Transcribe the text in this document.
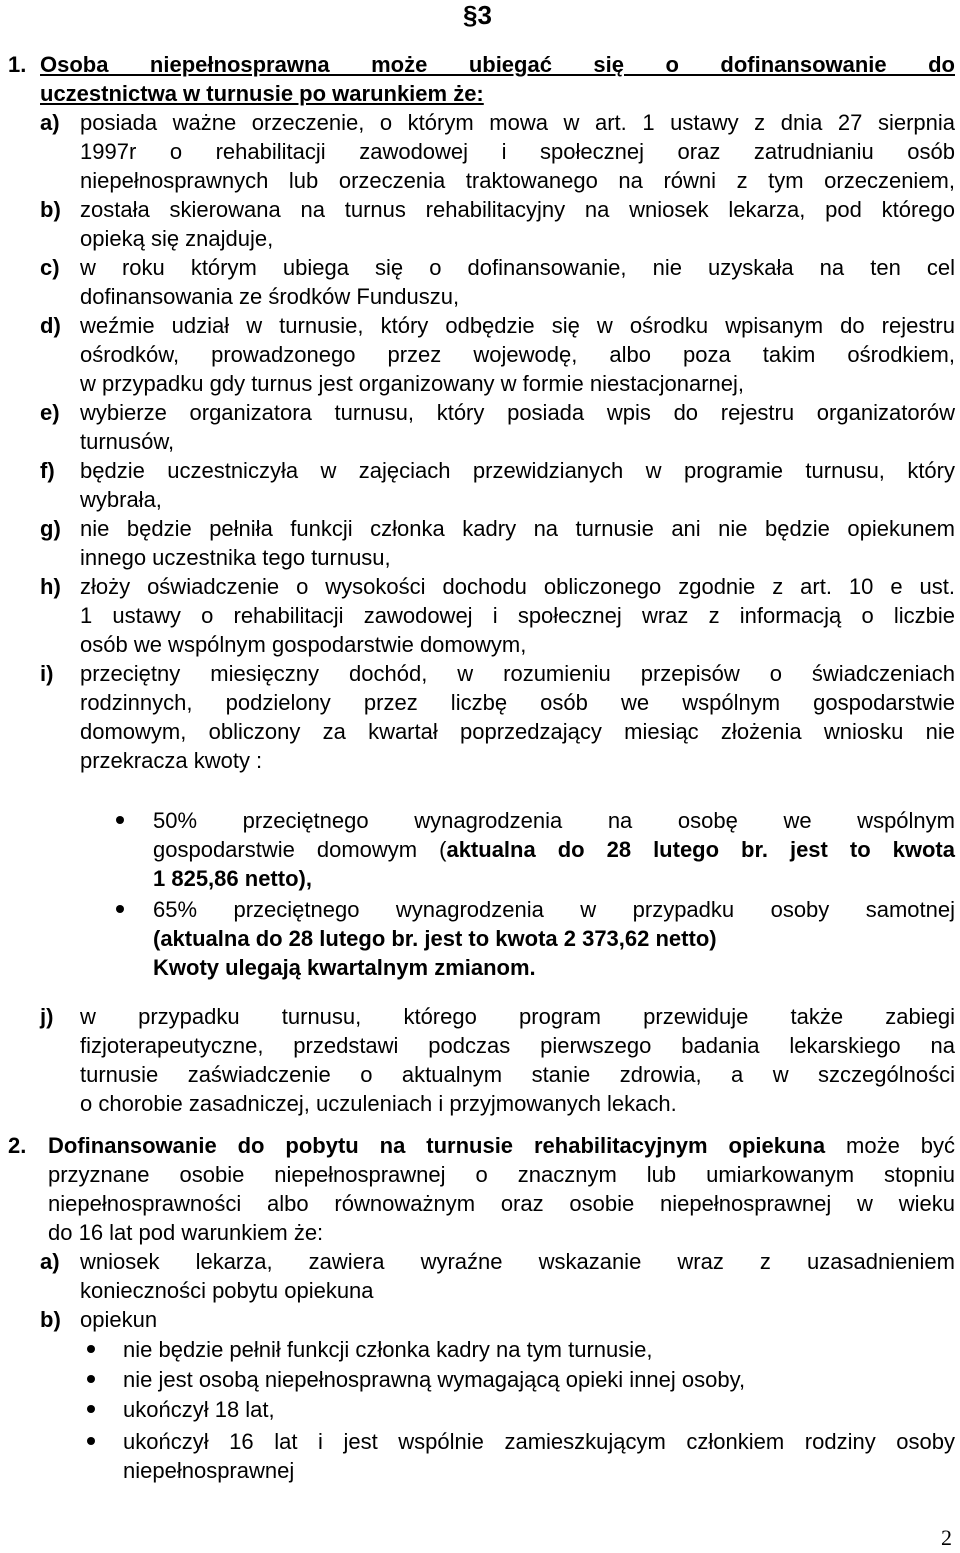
§3
1. Osoba niepełnosprawna może ubiegać się o dofinansowanie do
uczestnictwa w turnusie po warunkiem że:
a) posiada ważne orzeczenie, o którym mowa w art. 1 ustawy z dnia 27 sierpnia
1997r o rehabilitacji zawodowej i społecznej oraz zatrudnianiu osób
niepełnosprawnych lub orzeczenia traktowanego na równi z tym orzeczeniem,
b) została skierowana na turnus rehabilitacyjny na wniosek lekarza, pod którego
opieką się znajduje,
c) w roku którym ubiega się o dofinansowanie, nie uzyskała na ten cel
dofinansowania ze środków Funduszu,
d) weźmie udział w turnusie, który odbędzie się w ośrodku wpisanym do rejestru
ośrodków, prowadzonego przez wojewodę, albo poza takim ośrodkiem,
w przypadku gdy turnus jest organizowany w formie niestacjonarnej,
e) wybierze organizatora turnusu, który posiada wpis do rejestru organizatorów
turnusów,
f) będzie uczestniczyła w zajęciach przewidzianych w programie turnusu, który
wybrała,
g) nie będzie pełniła funkcji członka kadry na turnusie ani nie będzie opiekunem
innego uczestnika tego turnusu,
h) złoży oświadczenie o wysokości dochodu obliczonego zgodnie z art. 10 e ust.
1 ustawy o rehabilitacji zawodowej i społecznej wraz z informacją o liczbie
osób we wspólnym gospodarstwie domowym,
i) przeciętny miesięczny dochód, w rozumieniu przepisów o świadczeniach
rodzinnych, podzielony przez liczbę osób we wspólnym gospodarstwie
domowym, obliczony za kwartał poprzedzający miesiąc złożenia wniosku nie
przekracza kwoty :
50% przeciętnego wynagrodzenia na osobę we wspólnym
gospodarstwie domowym (aktualna do 28 lutego br. jest to kwota
1 825,86 netto),
65% przeciętnego wynagrodzenia w przypadku osoby samotnej
(aktualna do 28 lutego br. jest to kwota 2 373,62 netto)
Kwoty ulegają kwartalnym zmianom.
j) w przypadku turnusu, którego program przewiduje także zabiegi
fizjoterapeutyczne, przedstawi podczas pierwszego badania lekarskiego na
turnusie zaświadczenie o aktualnym stanie zdrowia, a w szczególności
o chorobie zasadniczej, uczuleniach i przyjmowanych lekach.
2. Dofinansowanie do pobytu na turnusie rehabilitacyjnym opiekuna może być
przyznane osobie niepełnosprawnej o znacznym lub umiarkowanym stopniu
niepełnosprawności albo równoważnym oraz osobie niepełnosprawnej w wieku
do 16 lat pod warunkiem że:
a) wniosek lekarza, zawiera wyraźne wskazanie wraz z uzasadnieniem
konieczności pobytu opiekuna
b) opiekun
nie będzie pełnił funkcji członka kadry na tym turnusie,
nie jest osobą niepełnosprawną wymagającą opieki innej osoby,
ukończył 18 lat,
ukończył 16 lat i jest wspólnie zamieszkującym członkiem rodziny osoby
niepełnosprawnej
2
